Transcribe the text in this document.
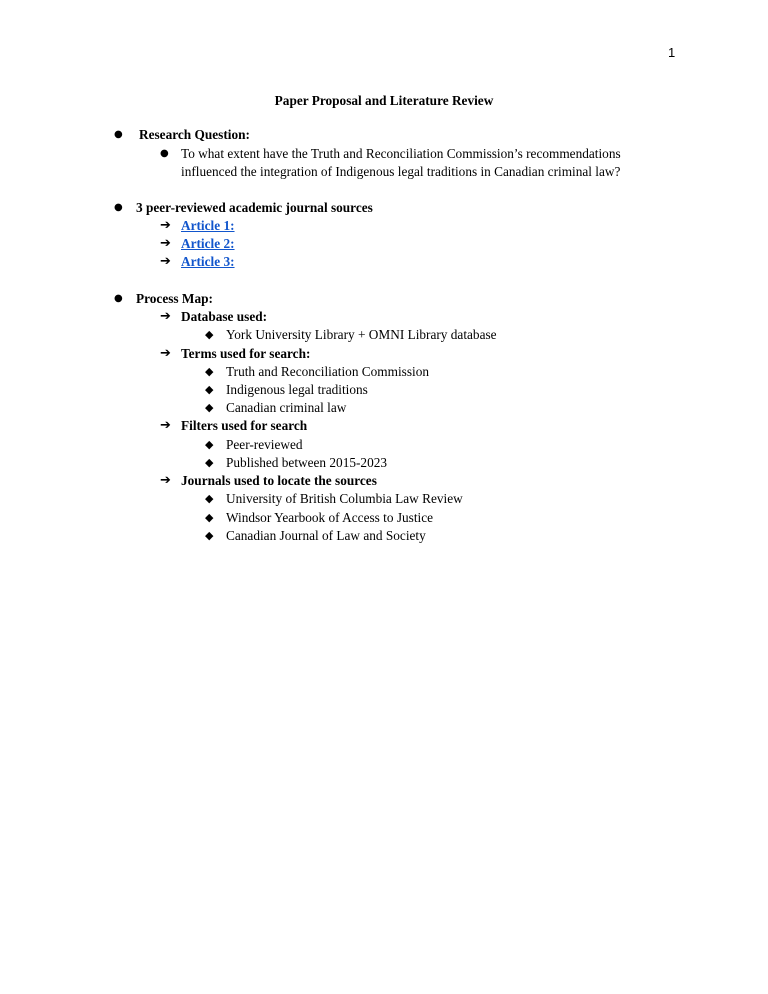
1
Paper Proposal and Literature Review
● Research Question:
● To what extent have the Truth and Reconciliation Commission’s recommendations
influenced the integration of Indigenous legal traditions in Canadian criminal law?
● 3 peer-reviewed academic journal sources
➔ Article 1:
➔ Article 2:
➔ Article 3:
● Process Map:
➔ Database used:
◆ York University Library + OMNI Library database
➔ Terms used for search:
◆ Truth and Reconciliation Commission
◆ Indigenous legal traditions
◆ Canadian criminal law
➔ Filters used for search
◆ Peer-reviewed
◆ Published between 2015-2023
➔ Journals used to locate the sources
◆ University of British Columbia Law Review
◆ Windsor Yearbook of Access to Justice
◆ Canadian Journal of Law and Society
